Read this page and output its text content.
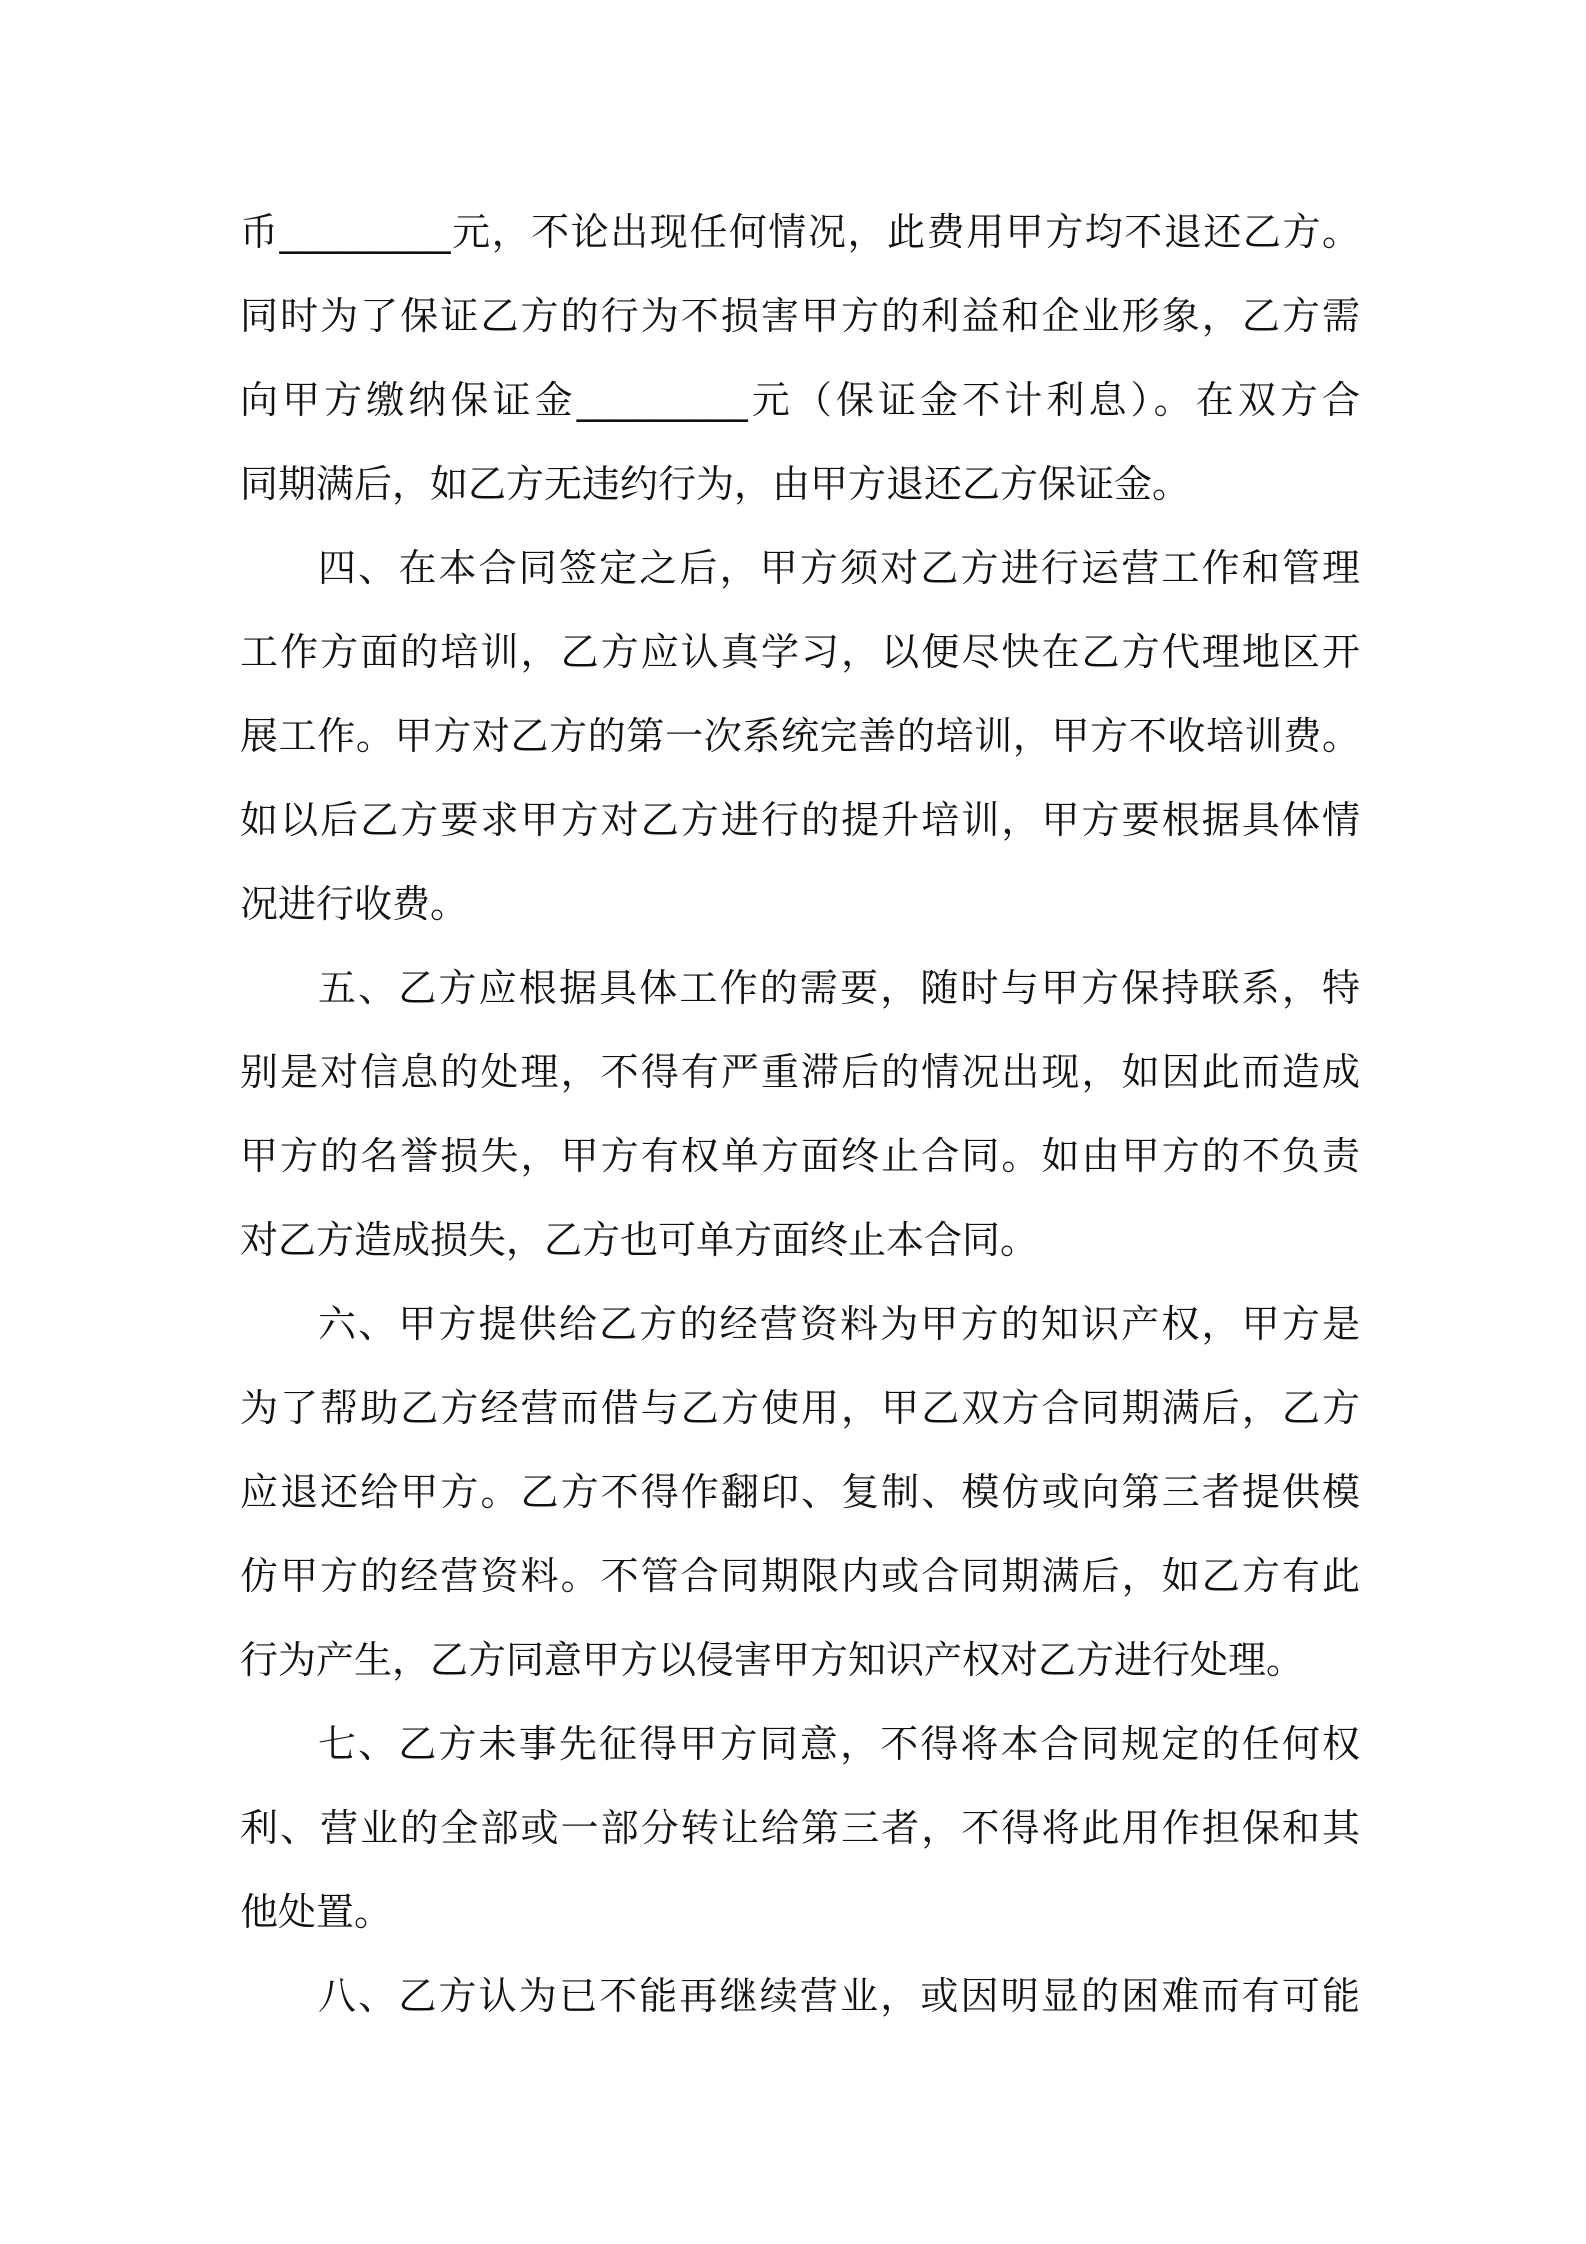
币_________元，不论出现任何情况，此费用甲方均不退还乙方。
同时为了保证乙方的行为不损害甲方的利益和企业形象，乙方需
向甲方缴纳保证金_________元（保证金不计利息）。在双方合
同期满后，如乙方无违约行为，由甲方退还乙方保证金。
四、在本合同签定之后，甲方须对乙方进行运营工作和管理
工作方面的培训，乙方应认真学习，以便尽快在乙方代理地区开
展工作。甲方对乙方的第一次系统完善的培训，甲方不收培训费。
如以后乙方要求甲方对乙方进行的提升培训，甲方要根据具体情
况进行收费。
五、乙方应根据具体工作的需要，随时与甲方保持联系，特
别是对信息的处理，不得有严重滞后的情况出现，如因此而造成
甲方的名誉损失，甲方有权单方面终止合同。如由甲方的不负责
对乙方造成损失，乙方也可单方面终止本合同。
六、甲方提供给乙方的经营资料为甲方的知识产权，甲方是
为了帮助乙方经营而借与乙方使用，甲乙双方合同期满后，乙方
应退还给甲方。乙方不得作翻印、复制、模仿或向第三者提供模
仿甲方的经营资料。不管合同期限内或合同期满后，如乙方有此
行为产生，乙方同意甲方以侵害甲方知识产权对乙方进行处理。
七、乙方未事先征得甲方同意，不得将本合同规定的任何权
利、营业的全部或一部分转让给第三者，不得将此用作担保和其
他处置。
八、乙方认为已不能再继续营业，或因明显的困难而有可能
